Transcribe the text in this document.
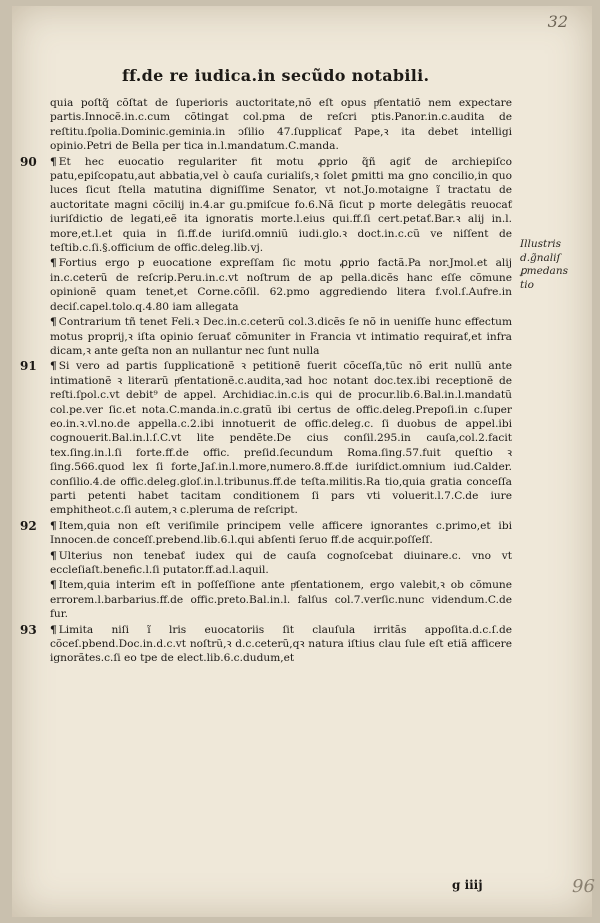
32
ff.de re iudica.in secũdo notabili.

quia poſtq̃ cõſtat de ſuperioris auctoritate,nõ eſt opus pͤſentatiõ nem expectare partis.Innocẽ.in.c.cum cõtingat col.pma de reſcri ptis.Panor.in.c.audita de reſtitu.ſpolia.Dominic.geminia.in ↄſilio 47.ſupplicaƭ Pape,ꝛ ita debet intelligi opinio.Petri de Bella per tica in.l.mandatum.C.manda.

90 ¶ Et hec euocatio regulariter fit motu ꝓprio q̃ñ agiƭ de archiepiſco patu,epiſcopatu,aut abbatia,vel ò cauſa curialiſs,ꝛ ſolet ꝑmitti ma gno concilio,in quo luces ſicut ſtella matutina digniſſime Senator, vt not.Jo.motaigne ĩ tractatu de auctoritate magni cõcilij in.4.ar gu.pmiſcue fo.6.Nã ſicut p morte delegãtis reuocaƭ iuriſdictio de legati,eẽ ita ignoratis morte.l.eius qui.ff.ſi cert.petaƭ.Bar.ꝛ alij in.l. more,et.l.et quia in ſi.ff.de iuriſd.omniũ iudi.glo.ꝛ doct.in.c.cũ ve niſſent de teſtib.c.ſi.§.officium de offic.deleg.lib.vj.

¶ Fortius ergo p euocatione expreſſam ſic motu ꝓprio factã.Pa nor.Jmol.et alij in.c.ceterũ de reſcrip.Peru.in.c.vt noſtrum de ap pella.dicẽs hanc eſſe cõmune opinionẽ quam tenet,et Corne.cõſil. 62.pmo aggrediendo litera f.vol.ſ.Aufre.in deciſ.capel.tolo.q.4.80 iam allegata

¶ Contrarium tñ tenet Feli.ꝛ Dec.in.c.ceterũ col.3.dicẽs ſe nõ in ueniſſe hunc effectum motus proprij,ꝛ iſta opinio ſeruaƭ cõmuniter in Francia vt intimatio requiraƭ,et infra dicam,ꝛ ante geſta non an nullantur nec ſunt nulla

91 ¶ Si vero ad partis ſupplicationẽ ꝛ petitionẽ fuerit cõceſſa,tũc nõ erit nullũ ante intimationẽ ꝛ literarũ pͤſentationẽ.c.audita,ꝛad hoc notant doc.tex.ibi receptionẽ de reſti.ſpol.c.vt debit⁹ de appel. Archidiac.in.c.is qui de procur.lib.6.Bal.in.l.mandatũ col.pe.ver ſic.et nota.C.manda.in.c.gratũ ibi certus de offic.deleg.Prepoſi.in c.ſuper eo.in.ꝛ.vl.no.de appella.c.2.ibi innotuerit de offic.deleg.c. ſi duobus de appel.ibi cognouerit.Bal.in.l.ſ.C.vt lite pendẽte.De cius conſil.295.in cauſa,col.2.facit tex.ſing.in.l.ſi forte.ff.de offic. preſid.ſecundum Roma.ſing.57.fuit queſtio ꝛ ſing.566.quod lex ſi forte,Jaſ.in.l.more,numero.8.ff.de iuriſdict.omnium iud.Calder. conſilio.4.de offic.deleg.gloſ.in.l.tribunus.ff.de teſta.militis.Ra tio,quia gratia conceſſa parti petenti habet tacitam conditionem ſi pars vti voluerit.l.7.C.de iure emphitheot.c.ſi autem,ꝛ c.pleruma de reſcript.

92 ¶ Item,quia non eſt veriſimile principem velle afficere ignorantes c.primo,et ibi Innocen.de conceſſ.prebend.lib.6.l.qui abſenti ſeruo ff.de acquir.poſſeſſ.

¶ Ulterius non tenebaƭ iudex qui de cauſa cognoſcebat diuinare.c. vno vt eccleſiaſt.benefic.l.ſi putator.ff.ad.l.aquil.

¶ Item,quia interim eſt in poſſeſſione ante pͤſentationem, ergo valebit,ꝛ ob cõmune errorem.l.barbarius.ff.de offic.preto.Bal.in.l. falſus col.7.verſic.nunc videndum.C.de fur.

93 ¶ Limita niſi ĩ lris euocatoriis ſit clauſula irritãs appoſita.d.c.ſ.de cõceſ.pbend.Doc.in.d.c.vt noſtrũ,ꝛ d.c.ceterũ,qꝛ natura iſtius clau ſule eſt etiã afficere ignorãtes.c.ſi eo tpe de elect.lib.6.c.dudum,et

Illustris d.g̃naliſ ꝑmedans tio
g iiij	96
